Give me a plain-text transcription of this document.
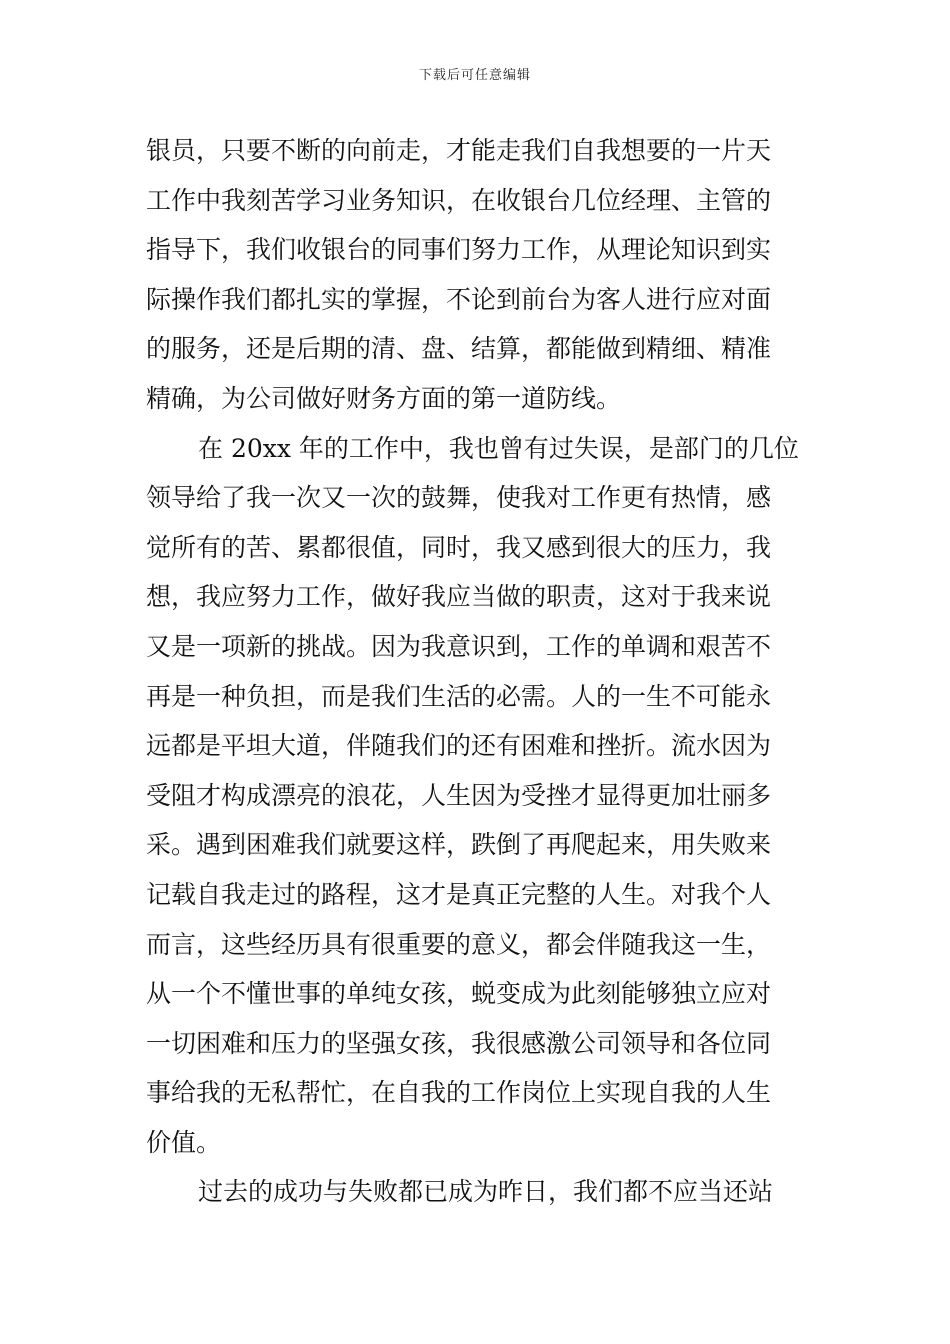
下载后可任意编辑
银员，只要不断的向前走，才能走我们自我想要的一片天
工作中我刻苦学习业务知识，在收银台几位经理、主管的
指导下，我们收银台的同事们努力工作，从理论知识到实
际操作我们都扎实的掌握，不论到前台为客人进行应对面
的服务，还是后期的清、盘、结算，都能做到精细、精准
精确，为公司做好财务方面的第一道防线。
在 20xx 年的工作中，我也曾有过失误，是部门的几位
领导给了我一次又一次的鼓舞，使我对工作更有热情，感
觉所有的苦、累都很值，同时，我又感到很大的压力，我
想，我应努力工作，做好我应当做的职责，这对于我来说
又是一项新的挑战。因为我意识到，工作的单调和艰苦不
再是一种负担，而是我们生活的必需。人的一生不可能永
远都是平坦大道，伴随我们的还有困难和挫折。流水因为
受阻才构成漂亮的浪花，人生因为受挫才显得更加壮丽多
采。遇到困难我们就要这样，跌倒了再爬起来，用失败来
记载自我走过的路程，这才是真正完整的人生。对我个人
而言，这些经历具有很重要的意义，都会伴随我这一生，
从一个不懂世事的单纯女孩，蜕变成为此刻能够独立应对
一切困难和压力的坚强女孩，我很感激公司领导和各位同
事给我的无私帮忙，在自我的工作岗位上实现自我的人生
价值。
过去的成功与失败都已成为昨日，我们都不应当还站
